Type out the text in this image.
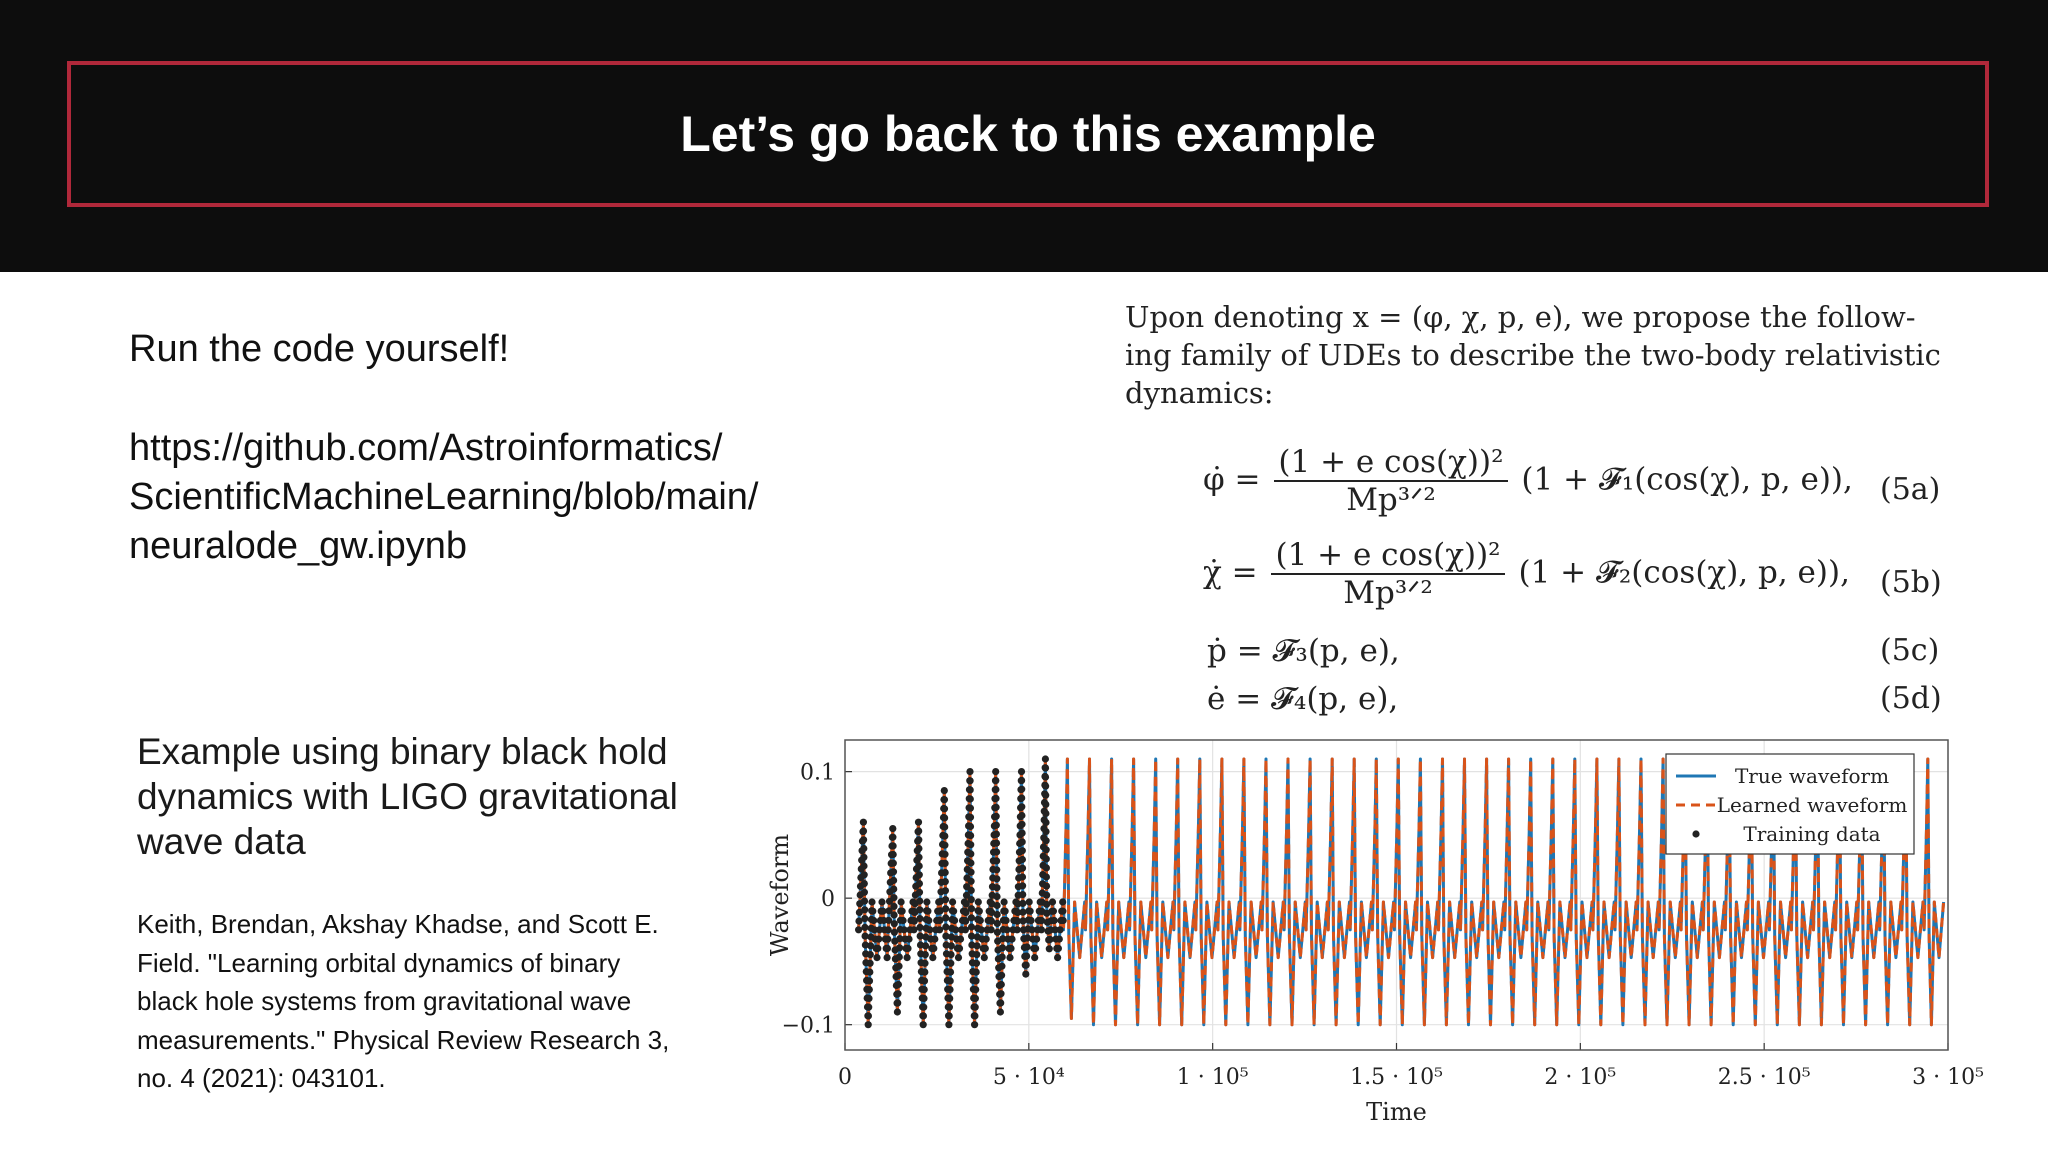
Let’s go back to this example
Run the code yourself!
https://github.com/Astroinformatics/
ScientificMachineLearning/blob/main/
neuralode_gw.ipynb
Example using binary black hold
dynamics with LIGO gravitational
wave data
Keith, Brendan, Akshay Khadse, and Scott E.
Field. "Learning orbital dynamics of binary
black hole systems from gravitational wave
measurements." Physical Review Research 3,
no. 4 (2021): 043101.
Upon denoting x = (φ, χ, p, e), we propose the follow-
ing family of UDEs to describe the two-body relativistic
dynamics:
φ̇ = $\frac{\text{(1 + e cos(χ))²}}{\text{Mp³ᐟ²}} (1$ + 𝓕₁(cos(χ), p, e)), (5a)
χ̇ = $\frac{\text{(1 + e cos(χ))²}}{\text{Mp³ᐟ²}} (1$ + 𝓕₂(cos(χ), p, e)), (5b)
ṗ = 𝓕₃(p, e),	(5c)
ė = 𝓕₄(p, e),	(5d)
0	5 · 10⁴	1 · 10⁵	1.5 · 10⁵	2 · 10⁵	2.5 · 10⁵	3 · 10⁵
0.1
0
−0.1
Time
Waveform
True waveform
Learned waveform
Training data
